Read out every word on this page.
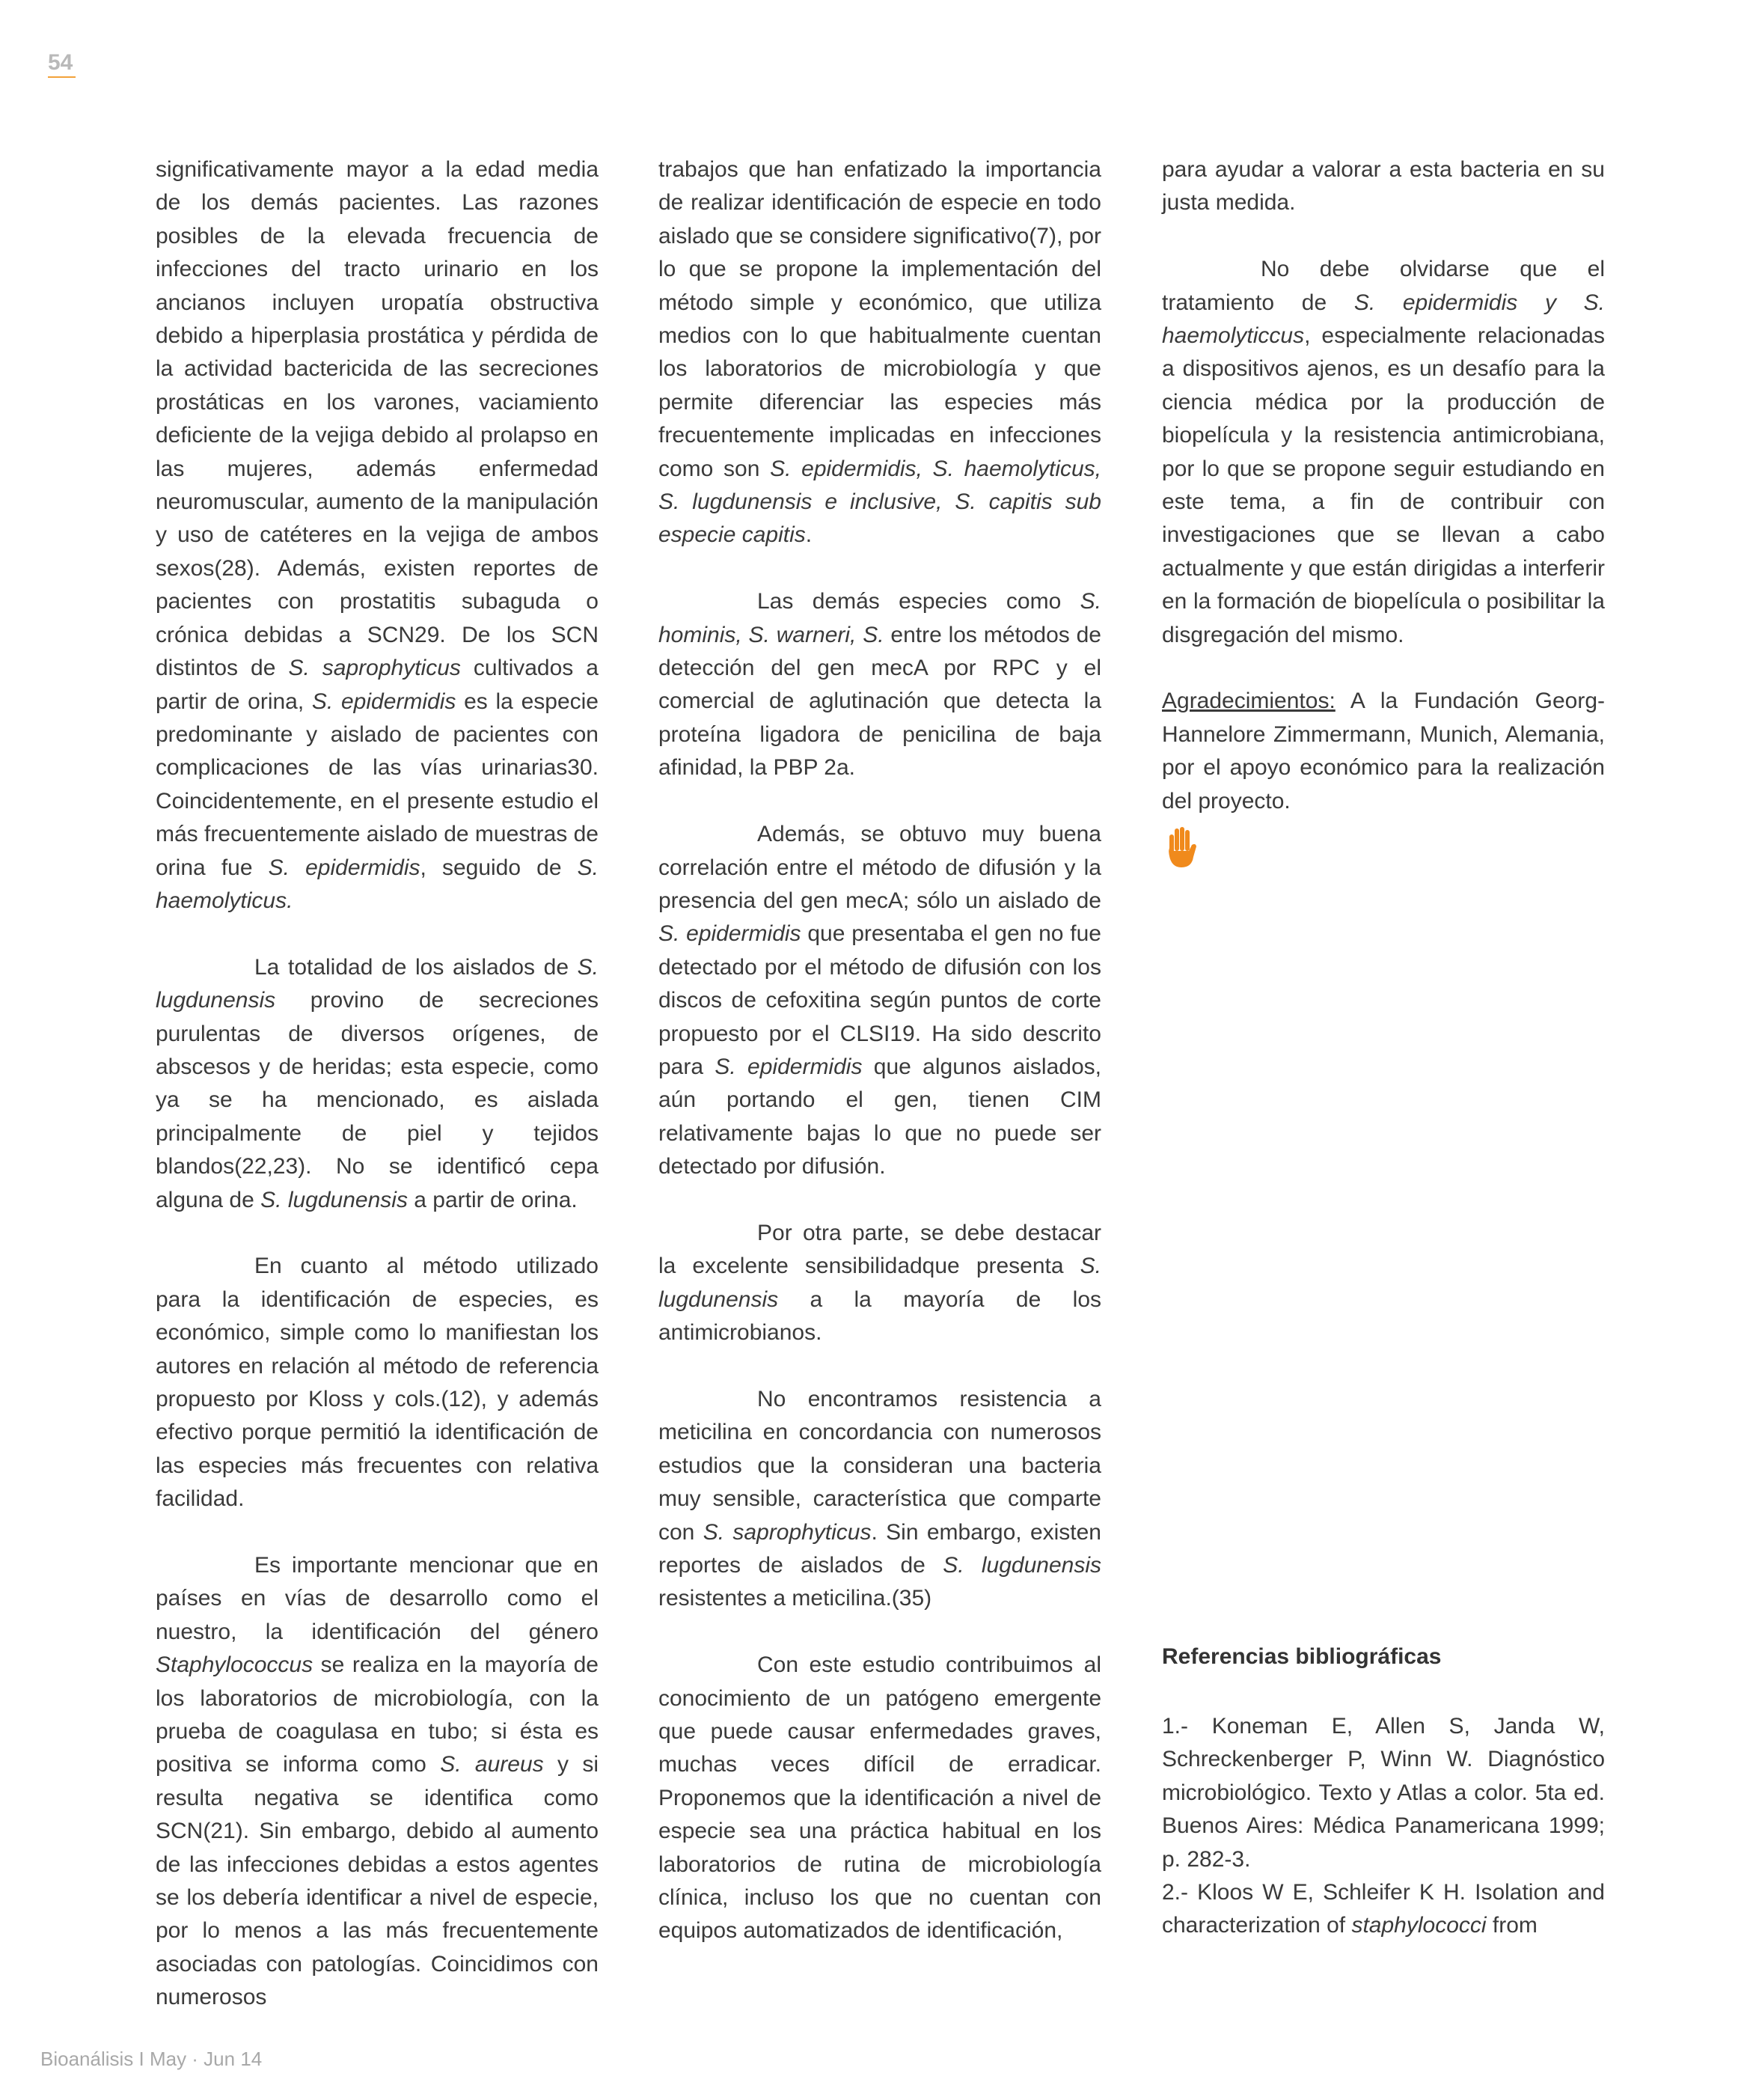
54

significativamente mayor a la edad media de los demás pacientes. Las razones posibles de la elevada frecuencia de infecciones del tracto urinario en los ancianos incluyen uropatía obstructiva debido a hiperplasia prostática y pérdida de la actividad bactericida de las secreciones prostáticas en los varones, vaciamiento deficiente de la vejiga debido al prolapso en las mujeres, además enfermedad neuromuscular, aumento de la manipulación y uso de catéteres en la vejiga de ambos sexos(28). Además, existen reportes de pacientes con prostatitis subaguda o crónica debidas a SCN29. De los SCN distintos de S. saprophyticus cultivados a partir de orina, S. epidermidis es la especie predominante y aislado de pacientes con complicaciones de las vías urinarias30. Coincidentemente, en el presente estudio el más frecuentemente aislado de muestras de orina fue S. epidermidis, seguido de S. haemolyticus.

La totalidad de los aislados de S. lugdunensis provino de secreciones purulentas de diversos orígenes, de abscesos y de heridas; esta especie, como ya se ha mencionado, es aislada principalmente de piel y tejidos blandos(22,23). No se identificó cepa alguna de S. lugdunensis a partir de orina.

En cuanto al método utilizado para la identificación de especies, es económico, simple como lo manifiestan los autores en relación al método de referencia propuesto por Kloss y cols.(12), y además efectivo porque permitió la identificación de las especies más frecuentes con relativa facilidad.

Es importante mencionar que en países en vías de desarrollo como el nuestro, la identificación del género Staphylococcus se realiza en la mayoría de los laboratorios de microbiología, con la prueba de coagulasa en tubo; si ésta es positiva se informa como S. aureus y si resulta negativa se identifica como SCN(21). Sin embargo, debido al aumento de las infecciones debidas a estos agentes se los debería identificar a nivel de especie, por lo menos a las más frecuentemente asociadas con patologías. Coincidimos con numerosos

trabajos que han enfatizado la importancia de realizar identificación de especie en todo aislado que se considere significativo(7), por lo que se propone la implementación del método simple y económico, que utiliza medios con lo que habitualmente cuentan los laboratorios de microbiología y que permite diferenciar las especies más frecuentemente implicadas en infecciones como son S. epidermidis, S. haemolyticus, S. lugdunensis e inclusive, S. capitis sub especie capitis.

Las demás especies como S. hominis, S. warneri, S. entre los métodos de detección del gen mecA por RPC y el comercial de aglutinación que detecta la proteína ligadora de penicilina de baja afinidad, la PBP 2a.

Además, se obtuvo muy buena correlación entre el método de difusión y la presencia del gen mecA; sólo un aislado de S. epidermidis que presentaba el gen no fue detectado por el método de difusión con los discos de cefoxitina según puntos de corte propuesto por el CLSI19. Ha sido descrito para S. epidermidis que algunos aislados, aún portando el gen, tienen CIM relativamente bajas lo que no puede ser detectado por difusión.

Por otra parte, se debe destacar la excelente sensibilidadque presenta S. lugdunensis a la mayoría de los antimicrobianos.

No encontramos resistencia a meticilina en concordancia con numerosos estudios que la consideran una bacteria muy sensible, característica que comparte con S. saprophyticus. Sin embargo, existen reportes de aislados de S. lugdunensis resistentes a meticilina.(35)

Con este estudio contribuimos al conocimiento de un patógeno emergente que puede causar enfermedades graves, muchas veces difícil de erradicar. Proponemos que la identificación a nivel de especie sea una práctica habitual en los laboratorios de rutina de microbiología clínica, incluso los que no cuentan con equipos automatizados de identificación,

para ayudar a valorar a esta bacteria en su justa medida.

No debe olvidarse que el tratamiento de S. epidermidis y S. haemolyticcus, especialmente relacionadas a dispositivos ajenos, es un desafío para la ciencia médica por la producción de biopelícula y la resistencia antimicrobiana, por lo que se propone seguir estudiando en este tema, a fin de contribuir con investigaciones que se llevan a cabo actualmente y que están dirigidas a interferir en la formación de biopelícula o posibilitar la disgregación del mismo.

Agradecimientos: A la Fundación Georg-Hannelore Zimmermann, Munich, Alemania, por el apoyo económico para la realización del proyecto.

Referencias bibliográficas

1.- Koneman E, Allen S, Janda W, Schreckenberger P, Winn W. Diagnóstico microbiológico. Texto y Atlas a color. 5ta ed. Buenos Aires: Médica Panamericana 1999; p. 282-3.

2.- Kloos W E, Schleifer K H. Isolation and characterization of staphylococci from

Bioanálisis I May · Jun 14
